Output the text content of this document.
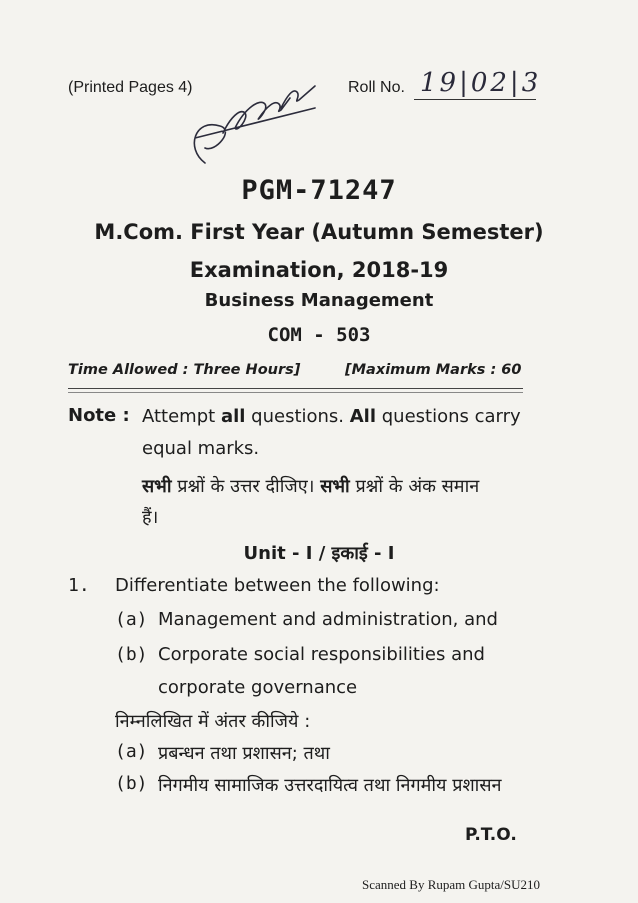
(Printed Pages 4)	Roll No. 19|02|3
PGM-71247
M.Com. First Year (Autumn Semester)
Examination, 2018-19
Business Management
COM - 503
Time Allowed : Three Hours]	[Maximum Marks : 60
Note : Attempt all questions. All questions carry
equal marks.
सभी प्रश्नों के उत्तर दीजिए। सभी प्रश्नों के अंक समान
हैं।
Unit - I / इकाई - I
1. Differentiate between the following:
(a) Management and administration, and
(b) Corporate social responsibilities and
corporate governance
निम्नलिखित में अंतर कीजिये :
(a) प्रबन्धन तथा प्रशासन; तथा
(b) निगमीय सामाजिक उत्तरदायित्व तथा निगमीय प्रशासन
P.T.O.
Scanned By Rupam Gupta/SU210
